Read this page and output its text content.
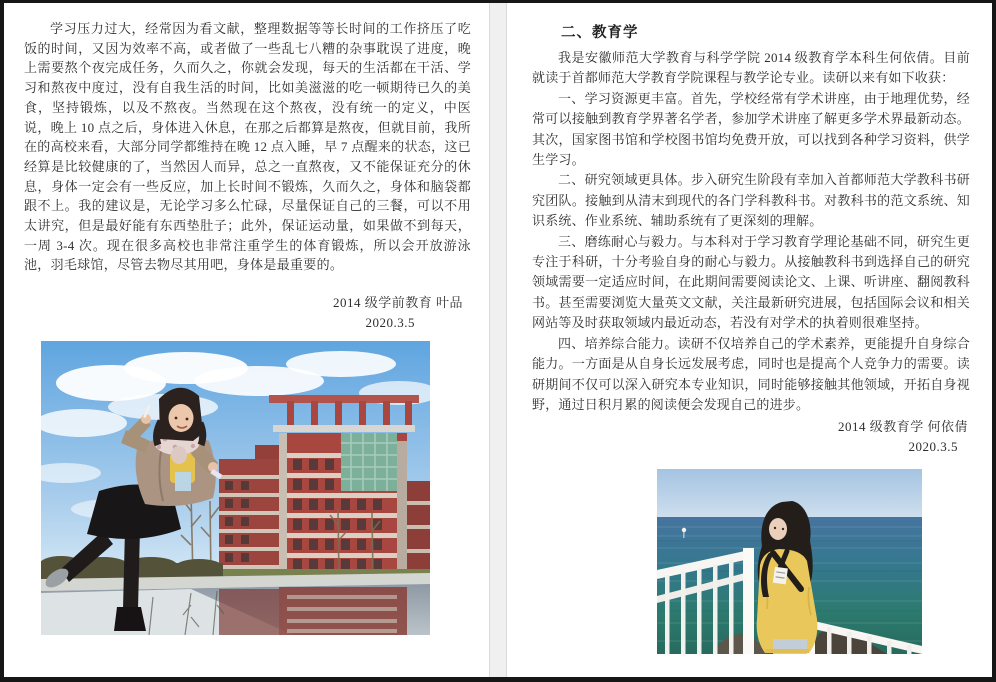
学习压力过大，经常因为看文献，整理数据等等长时间的工作挤压了吃饭的时间，又因为效率不高，或者做了一些乱七八糟的杂事耽误了进度，晚上需要熬个夜完成任务，久而久之，你就会发现，每天的生活都在干活、学习和熬夜中度过，没有自我生活的时间，比如美滋滋的吃一顿期待已久的美食，坚持锻炼，以及不熬夜。当然现在这个熬夜，没有统一的定义，中医说，晚上 10 点之后，身体进入休息，在那之后都算是熬夜，但就目前，我所在的高校来看，大部分同学都维持在晚 12 点入睡，早 7 点醒来的状态，这已经算是比较健康的了，当然因人而异，总之一直熬夜，又不能保证充分的休息，身体一定会有一些反应，加上长时间不锻炼，久而久之，身体和脑袋都跟不上。我的建议是，无论学习多么忙碌，尽量保证自己的三餐，可以不用太讲究，但是最好能有东西垫肚子；此外，保证运动量，如果做不到每天，一周 3-4 次。现在很多高校也非常注重学生的体育锻炼，所以会开放游泳池，羽毛球馆，尽管去物尽其用吧，身体是最重要的。

2014 级学前教育 叶品

2020.3.5

二、教育学

我是安徽师范大学教育与科学学院 2014 级教育学本科生何依倩。目前就读于首都师范大学教育学院课程与教学论专业。读研以来有如下收获：

一、学习资源更丰富。首先，学校经常有学术讲座，由于地理优势，经常可以接触到教育学界著名学者，参加学术讲座了解更多学术界最新动态。其次，国家图书馆和学校图书馆均免费开放，可以找到各种学习资料，供学生学习。

二、研究领域更具体。步入研究生阶段有幸加入首都师范大学教科书研究团队。接触到从清末到现代的各门学科教科书。对教科书的范文系统、知识系统、作业系统、辅助系统有了更深刻的理解。

三、磨练耐心与毅力。与本科对于学习教育学理论基础不同，研究生更专注于科研，十分考验自身的耐心与毅力。从接触教科书到选择自己的研究领域需要一定适应时间，在此期间需要阅读论文、上课、听讲座、翻阅教科书。甚至需要浏览大量英文文献，关注最新研究进展，包括国际会议和相关网站等及时获取领域内最近动态，若没有对学术的执着则很难坚持。

四、培养综合能力。读研不仅培养自己的学术素养，更能提升自身综合能力。一方面是从自身长远发展考虑，同时也是提高个人竞争力的需要。读研期间不仅可以深入研究本专业知识，同时能够接触其他领域，开拓自身视野，通过日积月累的阅读便会发现自己的进步。

2014 级教育学 何依倩

2020.3.5
